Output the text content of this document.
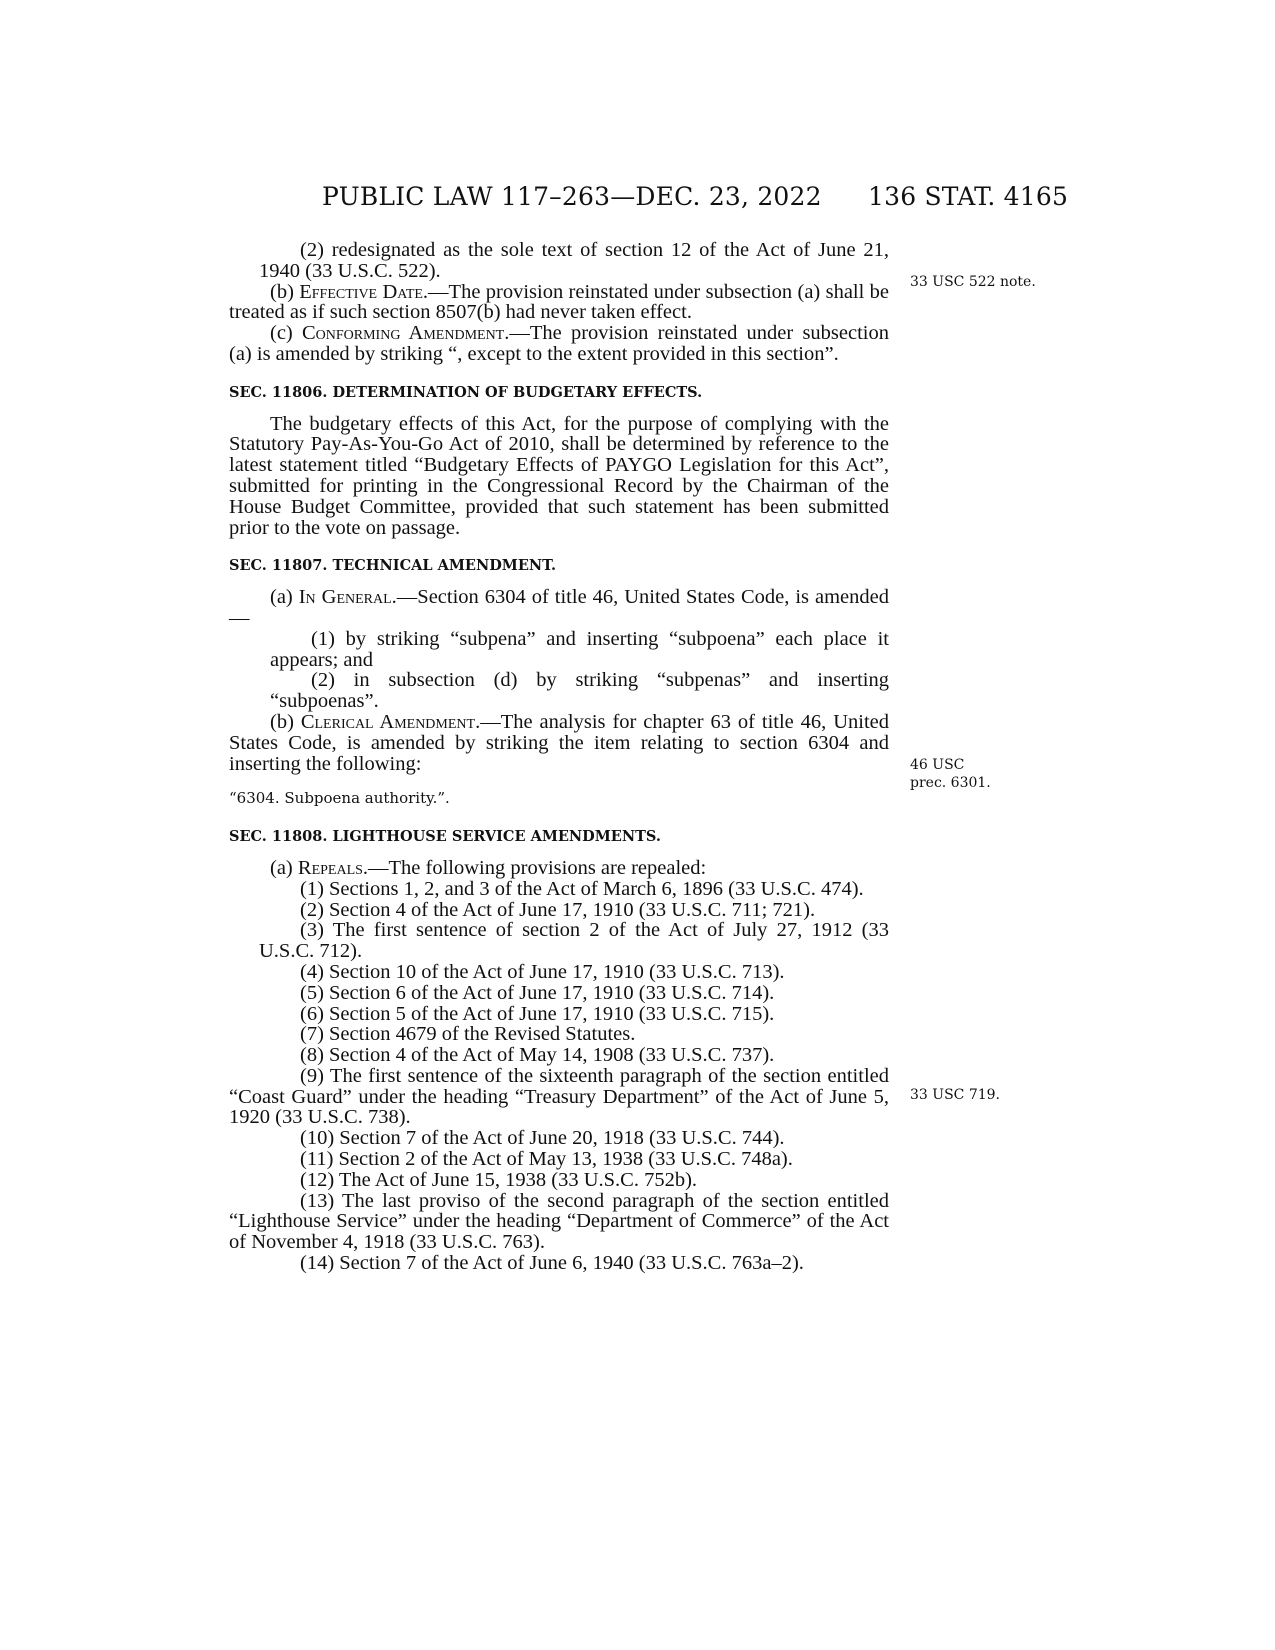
PUBLIC LAW 117–263—DEC. 23, 2022 136 STAT. 4165
33 USC 522 note.
46 USC
prec. 6301.
33 USC 719.

(2) redesignated as the sole text of section 12 of the Act of June 21, 1940 (33 U.S.C. 522).

(b) Effective Date.—The provision reinstated under subsection (a) shall be treated as if such section 8507(b) had never taken effect.

(c) Conforming Amendment.—The provision reinstated under subsection (a) is amended by striking “, except to the extent provided in this section”.

SEC. 11806. DETERMINATION OF BUDGETARY EFFECTS.

The budgetary effects of this Act, for the purpose of complying with the Statutory Pay-As-You-Go Act of 2010, shall be determined by reference to the latest statement titled “Budgetary Effects of PAYGO Legislation for this Act”, submitted for printing in the Congressional Record by the Chairman of the House Budget Committee, provided that such statement has been submitted prior to the vote on passage.

SEC. 11807. TECHNICAL AMENDMENT.

(a) In General.—Section 6304 of title 46, United States Code, is amended—

(1) by striking “subpena” and inserting “subpoena” each place it appears; and

(2) in subsection (d) by striking “subpenas” and inserting “subpoenas”.

(b) Clerical Amendment.—The analysis for chapter 63 of title 46, United States Code, is amended by striking the item relating to section 6304 and inserting the following:

“6304. Subpoena authority.”.

SEC. 11808. LIGHTHOUSE SERVICE AMENDMENTS.

(a) Repeals.—The following provisions are repealed:

(1) Sections 1, 2, and 3 of the Act of March 6, 1896 (33 U.S.C. 474).

(2) Section 4 of the Act of June 17, 1910 (33 U.S.C. 711; 721).

(3) The first sentence of section 2 of the Act of July 27, 1912 (33 U.S.C. 712).

(4) Section 10 of the Act of June 17, 1910 (33 U.S.C. 713).

(5) Section 6 of the Act of June 17, 1910 (33 U.S.C. 714).

(6) Section 5 of the Act of June 17, 1910 (33 U.S.C. 715).

(7) Section 4679 of the Revised Statutes.

(8) Section 4 of the Act of May 14, 1908 (33 U.S.C. 737).

(9) The first sentence of the sixteenth paragraph of the section entitled “Coast Guard” under the heading “Treasury Department” of the Act of June 5, 1920 (33 U.S.C. 738).

(10) Section 7 of the Act of June 20, 1918 (33 U.S.C. 744).

(11) Section 2 of the Act of May 13, 1938 (33 U.S.C. 748a).

(12) The Act of June 15, 1938 (33 U.S.C. 752b).

(13) The last proviso of the second paragraph of the section entitled “Lighthouse Service” under the heading “Department of Commerce” of the Act of November 4, 1918 (33 U.S.C. 763).

(14) Section 7 of the Act of June 6, 1940 (33 U.S.C. 763a–2).
